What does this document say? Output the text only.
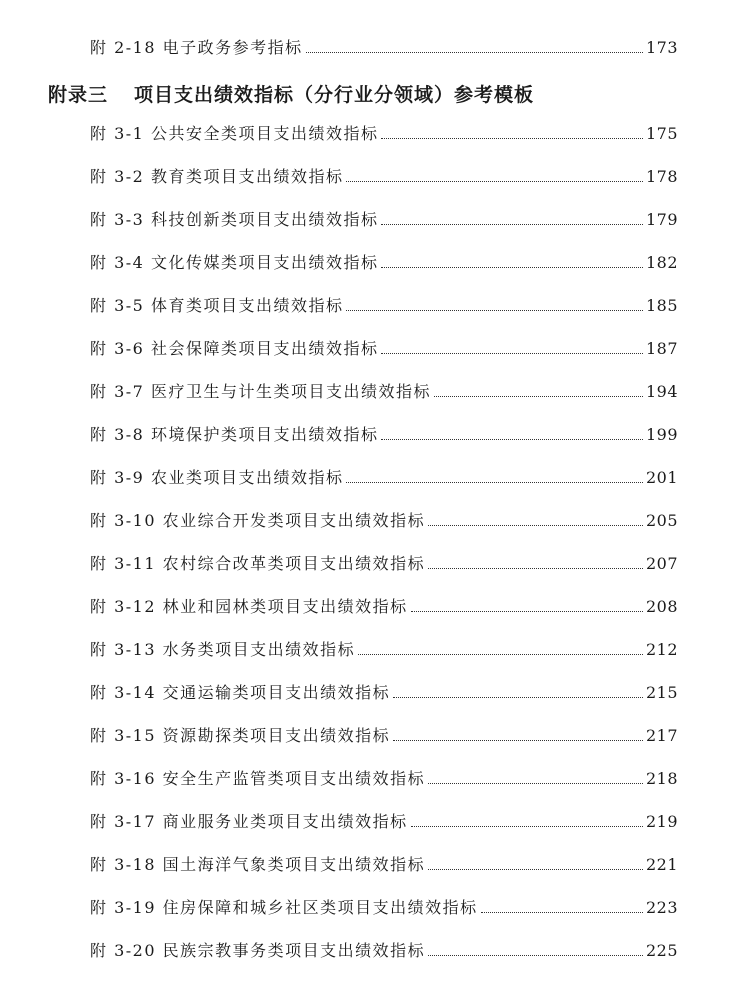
附 2-18 电子政务参考指标	173
附录三 项目支出绩效指标（分行业分领域）参考模板
附 3-1 公共安全类项目支出绩效指标	175
附 3-2 教育类项目支出绩效指标	178
附 3-3 科技创新类项目支出绩效指标	179
附 3-4 文化传媒类项目支出绩效指标	182
附 3-5 体育类项目支出绩效指标	185
附 3-6 社会保障类项目支出绩效指标	187
附 3-7 医疗卫生与计生类项目支出绩效指标	194
附 3-8 环境保护类项目支出绩效指标	199
附 3-9 农业类项目支出绩效指标	201
附 3-10 农业综合开发类项目支出绩效指标	205
附 3-11 农村综合改革类项目支出绩效指标	207
附 3-12 林业和园林类项目支出绩效指标	208
附 3-13 水务类项目支出绩效指标	212
附 3-14 交通运输类项目支出绩效指标	215
附 3-15 资源勘探类项目支出绩效指标	217
附 3-16 安全生产监管类项目支出绩效指标	218
附 3-17 商业服务业类项目支出绩效指标	219
附 3-18 国土海洋气象类项目支出绩效指标	221
附 3-19 住房保障和城乡社区类项目支出绩效指标	223
附 3-20 民族宗教事务类项目支出绩效指标	225
